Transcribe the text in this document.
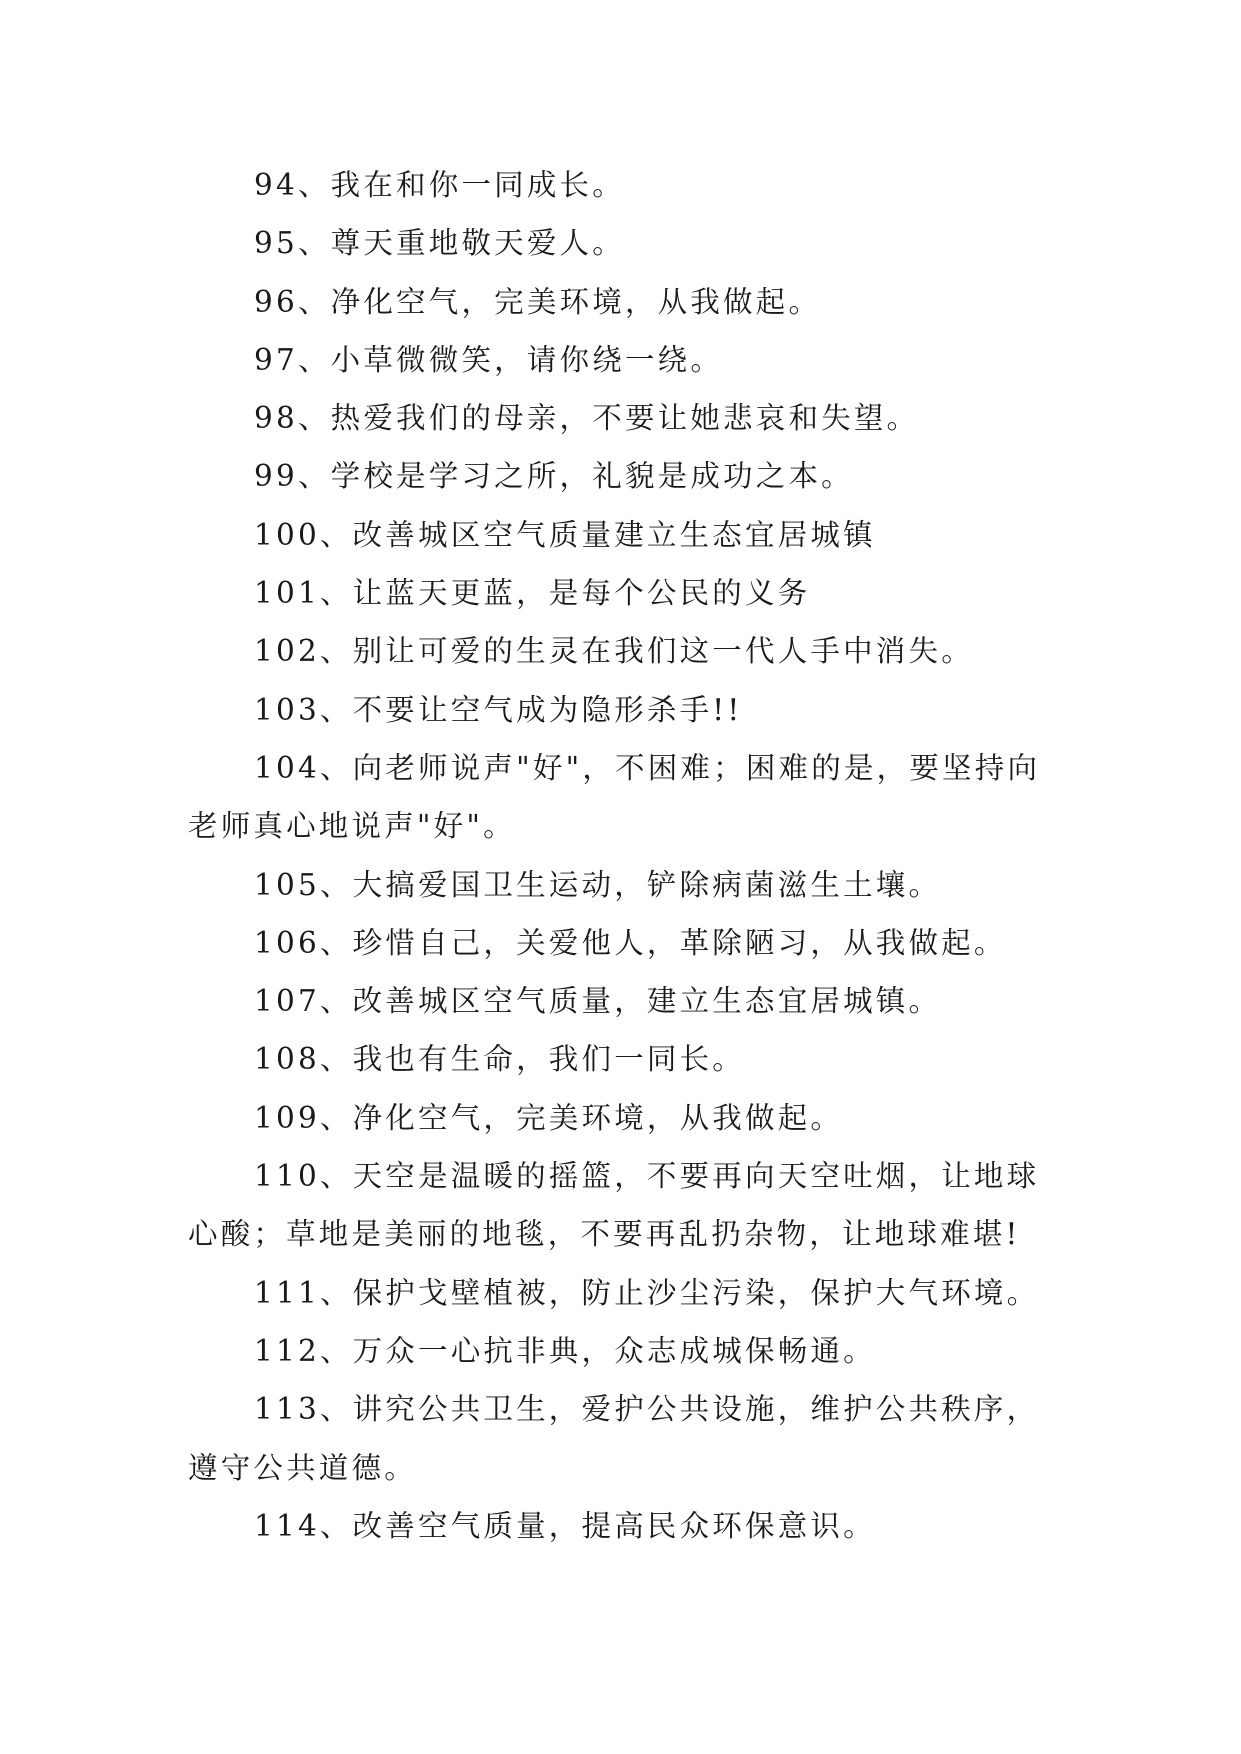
94、我在和你一同成长。

95、尊天重地敬天爱人。

96、净化空气，完美环境，从我做起。

97、小草微微笑，请你绕一绕。

98、热爱我们的母亲，不要让她悲哀和失望。

99、学校是学习之所，礼貌是成功之本。

100、改善城区空气质量建立生态宜居城镇

101、让蓝天更蓝，是每个公民的义务

102、别让可爱的生灵在我们这一代人手中消失。

103、不要让空气成为隐形杀手!!

104、向老师说声"好"，不困难；困难的是，要坚持向老师真心地说声"好"。

105、大搞爱国卫生运动，铲除病菌滋生土壤。

106、珍惜自己，关爱他人，革除陋习，从我做起。

107、改善城区空气质量，建立生态宜居城镇。

108、我也有生命，我们一同长。

109、净化空气，完美环境，从我做起。

110、天空是温暖的摇篮，不要再向天空吐烟，让地球心酸；草地是美丽的地毯，不要再乱扔杂物，让地球难堪!

111、保护戈壁植被，防止沙尘污染，保护大气环境。

112、万众一心抗非典，众志成城保畅通。

113、讲究公共卫生，爱护公共设施，维护公共秩序，遵守公共道德。

114、改善空气质量，提高民众环保意识。
